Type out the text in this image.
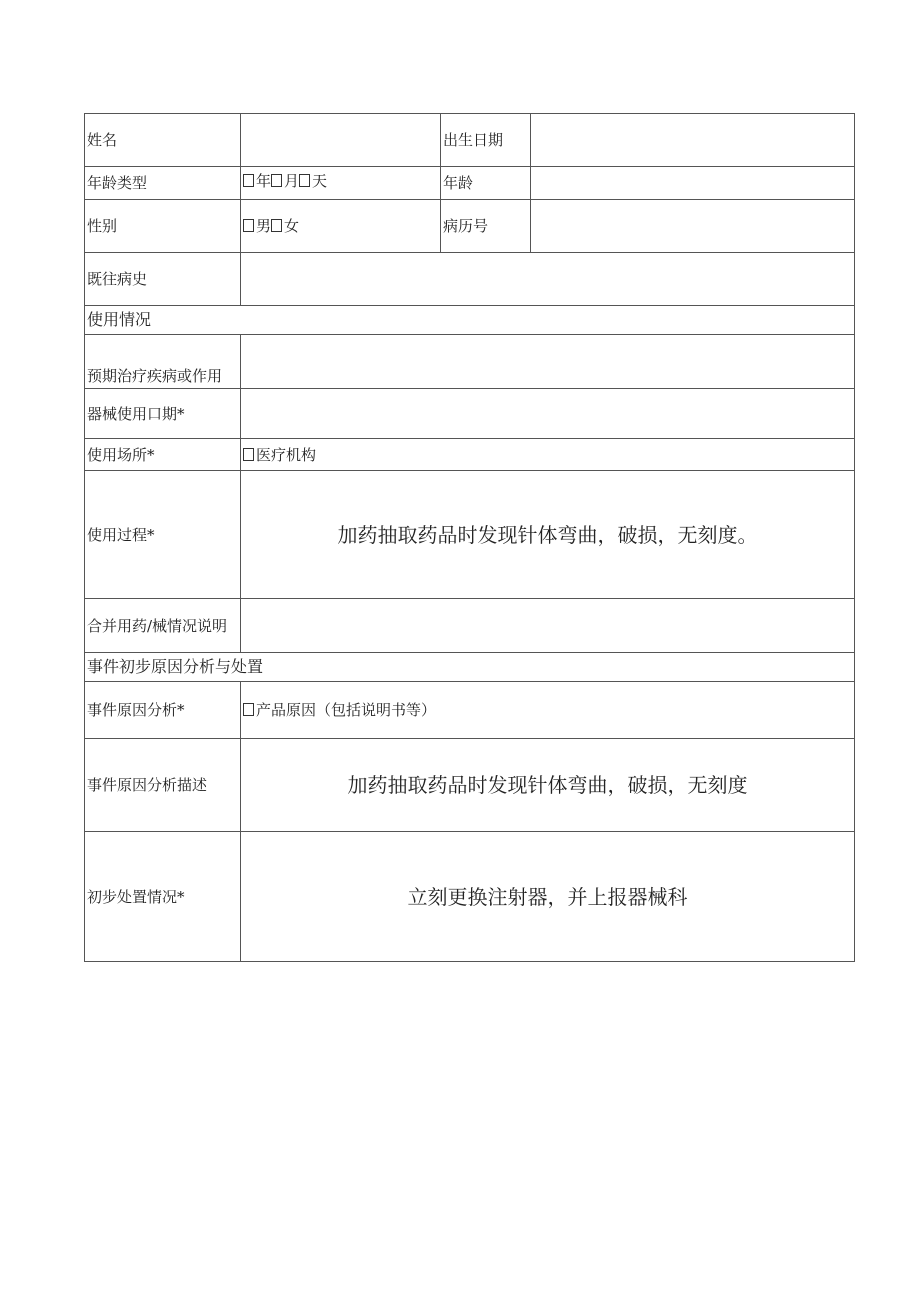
姓名		出生日期	
年龄类型	年 月 天	年龄	
性别	男 女	病历号	
既往病史			
使用情况			
预期治疗疾病或作用			
器械使用口期*			
使用场所*	医疗机构		
使用过程*	加药抽取药品时发现针体弯曲，破损，无刻度。		
合并用药/械情况说明			
事件初步原因分析与处置			
事件原因分析*	产品原因（包括说明书等）		
事件原因分析描述	加药抽取药品时发现针体弯曲，破损，无刻度		
初步处置情况*	立刻更换注射器，并上报器械科		
